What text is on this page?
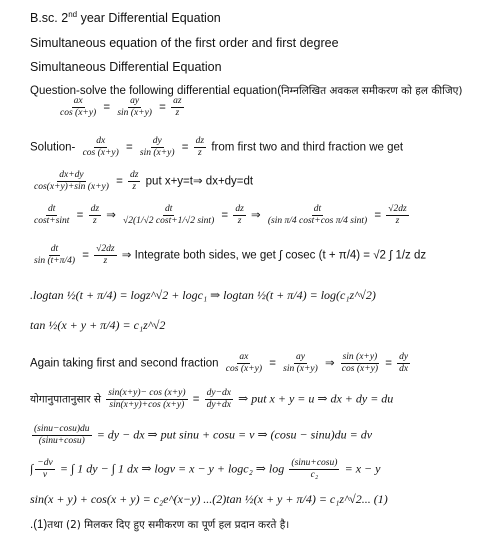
B.sc. 2nd year Differential Equation
Simultaneous equation of the first order and first degree
Simultaneous Differential Equation
Question-solve the following differential equation(निम्नलिखित अवकल समीकरण को हल कीजिए)
$\frac{ax}{\cos (x+y)} = \frac{ay}{\sin (x+y)} = \frac{az}{z}$
Solution- $\frac{dx}{\cos (x+y)} = \frac{dy}{\sin (x+y)} = \frac{dz}{z}$ from first two and third fraction we get
$\frac{dx+dy}{\cos(x+y)+\sin (x+y)} = \frac{dz}{z}$ put x+y=t⇒ dx+dy=dt
$\frac{dt}{\cos t+\sin t} = \frac{dz}{z}$ ⇒ $\frac{dt}{√2(1/√2 \cos t+1/√2 \sin t)} = \frac{dz}{z}$ ⇒ $\frac{dt}{\text{(sin π/4 cost+cos π/4 sint)}} = \frac{√2dz}{z}$
$\frac{dt}{\sin (t+\pi/4)} = \frac{√2dz}{z}$ ⇒ Integrate both sides, we get ∫ cosec (t + π/4) = √2 ∫ 1/z dz
.logtan ½(t + π/4) = logz^√2 + logc₁ ⇒ logtan ½(t + π/4) = log(c₁z^√2)
tan ½(x + y + π/4) = c₁z^√2
Again taking first and second fraction $\frac{ax}{\cos (x+y)} = \frac{ay}{\sin (x+y)}$ ⇒ $\frac{\sin (x+y)}{\cos (x+y)} = \frac{dy}{dx}$
योगानुपातानुसार से $\frac{\sin(x+y)- \cos (x+y)}{\sin(x+y)+\cos (x+y)} = \frac{dy-dx}{dy+dx}$ ⇒ put x + y = u ⇒ dx + dy = du
$\frac{(\sin u-\cos u)du}{(\sin u+\cos u)}$ = dy − dx ⇒ put sinu + cosu = v ⇒ (cosu − sinu)du = dv
∫ $\frac{-dv}{v}$ = ∫ 1 dy − ∫ 1 dx ⇒ logv = x − y + logc₂ ⇒ $\log \frac{(\sin u+\cos u)}{\text{c₂}} = x - y$
sin(x + y) + cos(x + y) = c₂e^(x−y) ...(2)tan ½(x + y + π/4) = c₁z^√2... (1)
.(1)तथा (2) मिलकर दिए हुए समीकरण का पूर्ण हल प्रदान करते है।
